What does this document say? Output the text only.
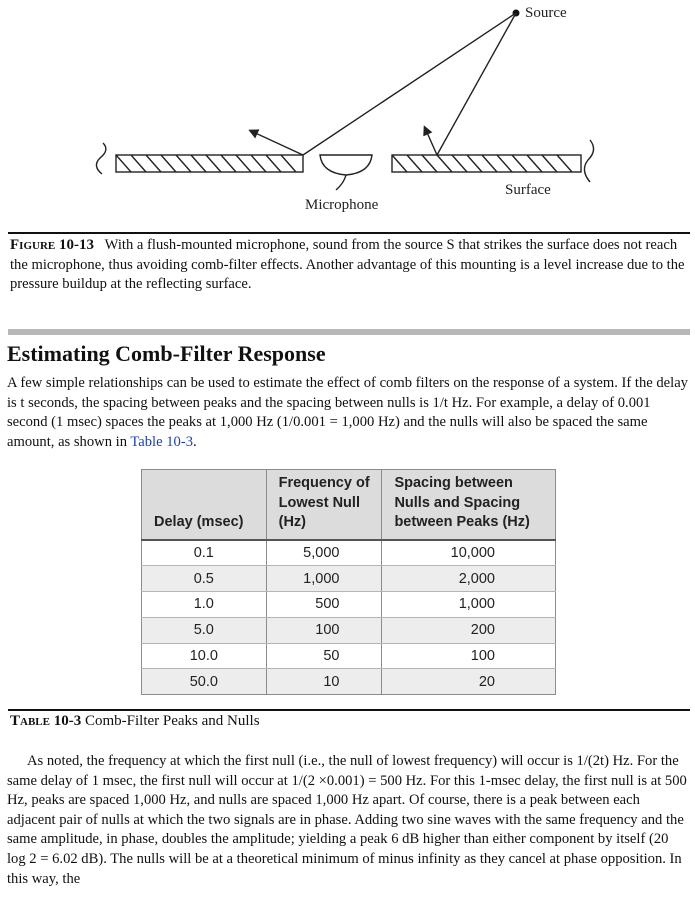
Source
Surface
Microphone
Figure 10-13 With a flush-mounted microphone, sound from the source S that strikes the surface does not reach the microphone, thus avoiding comb-filter effects. Another advantage of this mounting is a level increase due to the pressure buildup at the reflecting surface.
Estimating Comb-Filter Response

A few simple relationships can be used to estimate the effect of comb filters on the response of a system. If the delay is t seconds, the spacing between peaks and the spacing between nulls is 1/t Hz. For example, a delay of 0.001 second (1 msec) spaces the peaks at 1,000 Hz (1/0.001 = 1,000 Hz) and the nulls will also be spaced the same amount, as shown in Table 10-3.

Delay (msec)	Frequency of Lowest Null (Hz)	Spacing between Nulls and Spacing between Peaks (Hz)
0.1	5,000	10,000
0.5	1,000	2,000
1.0	500	1,000
5.0	100	200
10.0	50	100
50.0	10	20
Table 10-3 Comb-Filter Peaks and Nulls

As noted, the frequency at which the first null (i.e., the null of lowest frequency) will occur is 1/(2t) Hz. For the same delay of 1 msec, the first null will occur at 1/(2 ×0.001) = 500 Hz. For this 1-msec delay, the first null is at 500 Hz, peaks are spaced 1,000 Hz, and nulls are spaced 1,000 Hz apart. Of course, there is a peak between each adjacent pair of nulls at which the two signals are in phase. Adding two sine waves with the same frequency and the same amplitude, in phase, doubles the amplitude; yielding a peak 6 dB higher than either component by itself (20 log 2 = 6.02 dB). The nulls will be at a theoretical minimum of minus infinity as they cancel at phase opposition. In this way, the
